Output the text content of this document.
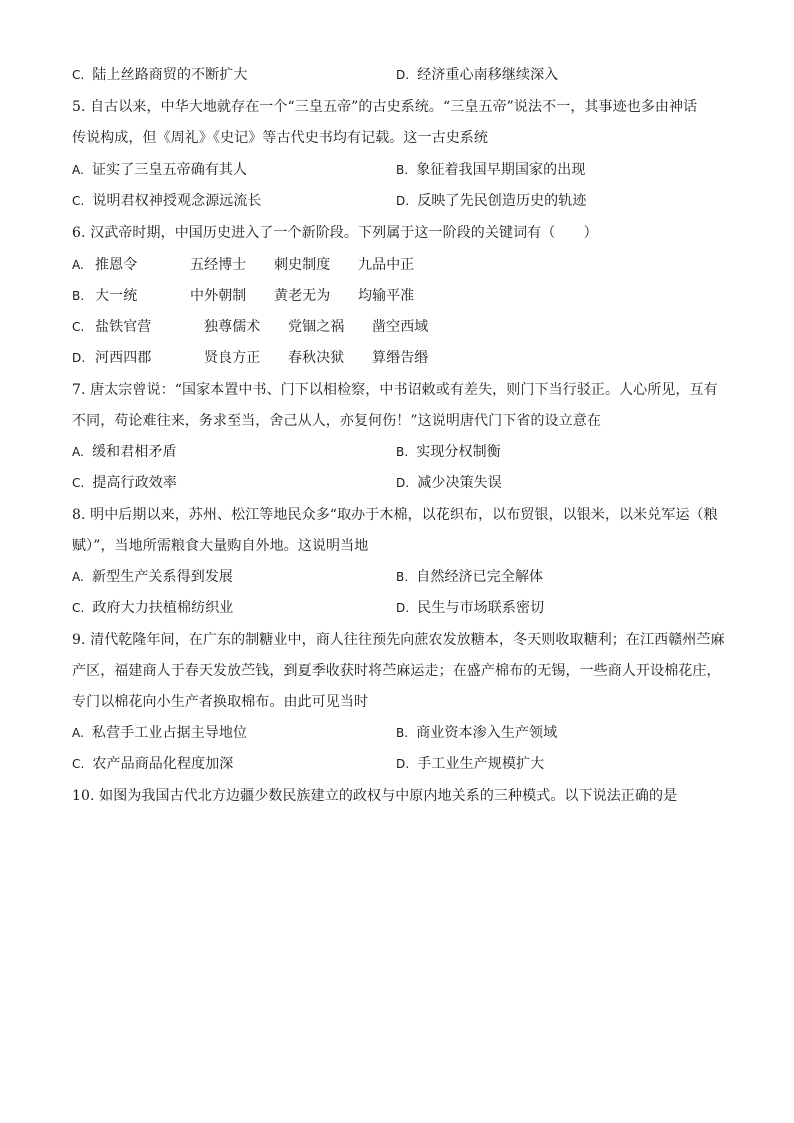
C. 陆上丝路商贸的不断扩大	D. 经济重心南移继续深入
5. 自古以来，中华大地就存在一个“三皇五帝”的古史系统。“三皇五帝”说法不一，其事迹也多由神话
传说构成，但《周礼》《史记》等古代史书均有记载。这一古史系统
A. 证实了三皇五帝确有其人	B. 象征着我国早期国家的出现
C. 说明君权神授观念源远流长	D. 反映了先民创造历史的轨迹
6. 汉武帝时期，中国历史进入了一个新阶段。下列属于这一阶段的关键词有（　　）
A. 推恩令	五经博士 刺史制度 九品中正
B. 大一统	中外朝制 黄老无为 均输平准
C. 盐铁官营	独尊儒术 党锢之祸 凿空西域
D. 河西四郡	贤良方正 春秋决狱 算缗告缗
7. 唐太宗曾说：“国家本置中书、门下以相检察，中书诏敕或有差失，则门下当行驳正。人心所见，互有
不同，苟论难往来，务求至当，舍己从人，亦复何伤！”这说明唐代门下省的设立意在
A. 缓和君相矛盾	B. 实现分权制衡
C. 提高行政效率	D. 减少决策失误
8. 明中后期以来，苏州、松江等地民众多“取办于木棉，以花织布，以布贸银，以银米，以米兑军运（粮
赋）”，当地所需粮食大量购自外地。这说明当地
A. 新型生产关系得到发展	B. 自然经济已完全解体
C. 政府大力扶植棉纺织业	D. 民生与市场联系密切
9. 清代乾隆年间，在广东的制糖业中，商人往往预先向蔗农发放糖本，冬天则收取糖利；在江西赣州苎麻
产区，福建商人于春天发放苎钱，到夏季收获时将苎麻运走；在盛产棉布的无锡，一些商人开设棉花庄，
专门以棉花向小生产者换取棉布。由此可见当时
A. 私营手工业占据主导地位	B. 商业资本渗入生产领域
C. 农产品商品化程度加深	D. 手工业生产规模扩大
10. 如图为我国古代北方边疆少数民族建立的政权与中原内地关系的三种模式。以下说法正确的是
